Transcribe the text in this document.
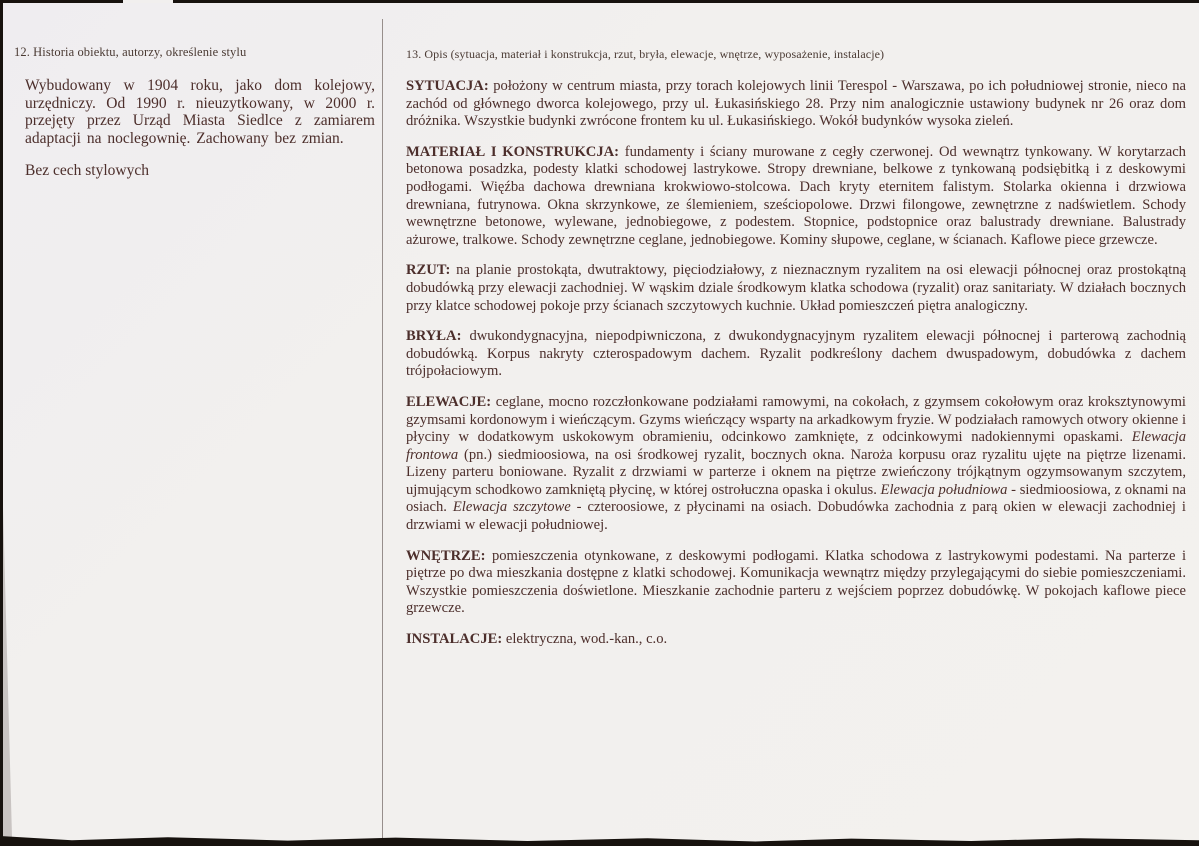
12. Historia obiektu, autorzy, określenie stylu

Wybudowany w 1904 roku, jako dom kolejowy, urzędniczy. Od 1990 r. nieuzytkowany, w 2000 r. przejęty przez Urząd Miasta Siedlce z zamiarem adaptacji na noclegownię. Zachowany bez zmian.

Bez cech stylowych

13. Opis (sytuacja, materiał i konstrukcja, rzut, bryła, elewacje, wnętrze, wyposażenie, instalacje)

SYTUACJA: położony w centrum miasta, przy torach kolejowych linii Terespol - Warszawa, po ich południowej stronie, nieco na zachód od głównego dworca kolejowego, przy ul. Łukasińskiego 28. Przy nim analogicznie ustawiony budynek nr 26 oraz dom dróżnika. Wszystkie budynki zwrócone frontem ku ul. Łukasińskiego. Wokół budynków wysoka zieleń.

MATERIAŁ I KONSTRUKCJA: fundamenty i ściany murowane z cegły czerwonej. Od wewnątrz tynkowany. W korytarzach betonowa posadzka, podesty klatki schodowej lastrykowe. Stropy drewniane, belkowe z tynkowaną podsiębitką i z deskowymi podłogami. Więźba dachowa drewniana krokwiowo-stolcowa. Dach kryty eternitem falistym. Stolarka okienna i drzwiowa drewniana, futrynowa. Okna skrzynkowe, ze ślemieniem, sześciopolowe. Drzwi filongowe, zewnętrzne z nadświetlem. Schody wewnętrzne betonowe, wylewane, jednobiegowe, z podestem. Stopnice, podstopnice oraz balustrady drewniane. Balustrady ażurowe, tralkowe. Schody zewnętrzne ceglane, jednobiegowe. Kominy słupowe, ceglane, w ścianach. Kaflowe piece grzewcze.

RZUT: na planie prostokąta, dwutraktowy, pięciodziałowy, z nieznacznym ryzalitem na osi elewacji północnej oraz prostokątną dobudówką przy elewacji zachodniej. W wąskim dziale środkowym klatka schodowa (ryzalit) oraz sanitariaty. W działach bocznych przy klatce schodowej pokoje przy ścianach szczytowych kuchnie. Układ pomieszczeń piętra analogiczny.

BRYŁA: dwukondygnacyjna, niepodpiwniczona, z dwukondygnacyjnym ryzalitem elewacji północnej i parterową zachodnią dobudówką. Korpus nakryty czterospadowym dachem. Ryzalit podkreślony dachem dwuspadowym, dobudówka z dachem trójpołaciowym.

ELEWACJE: ceglane, mocno rozczłonkowane podziałami ramowymi, na cokołach, z gzymsem cokołowym oraz kroksztynowymi gzymsami kordonowym i wieńczącym. Gzyms wieńczący wsparty na arkadkowym fryzie. W podziałach ramowych otwory okienne i płyciny w dodatkowym uskokowym obramieniu, odcinkowo zamknięte, z odcinkowymi nadokiennymi opaskami. Elewacja frontowa (pn.) siedmioosiowa, na osi środkowej ryzalit, bocznych okna. Naroża korpusu oraz ryzalitu ujęte na piętrze lizenami. Lizeny parteru boniowane. Ryzalit z drzwiami w parterze i oknem na piętrze zwieńczony trójkątnym ogzymsowanym szczytem, ujmującym schodkowo zamkniętą płycinę, w której ostrołuczna opaska i okulus. Elewacja południowa - siedmioosiowa, z oknami na osiach. Elewacja szczytowe - czteroosiowe, z płycinami na osiach. Dobudówka zachodnia z parą okien w elewacji zachodniej i drzwiami w elewacji południowej.

WNĘTRZE: pomieszczenia otynkowane, z deskowymi podłogami. Klatka schodowa z lastrykowymi podestami. Na parterze i piętrze po dwa mieszkania dostępne z klatki schodowej. Komunikacja wewnątrz między przylegającymi do siebie pomieszczeniami. Wszystkie pomieszczenia doświetlone. Mieszkanie zachodnie parteru z wejściem poprzez dobudówkę. W pokojach kaflowe piece grzewcze.

INSTALACJE: elektryczna, wod.-kan., c.o.
